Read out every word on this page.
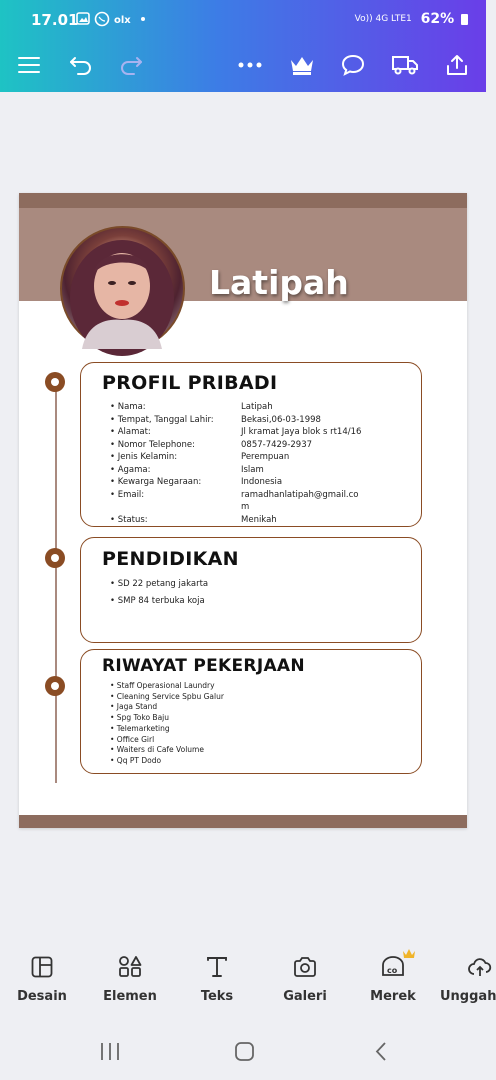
17.01	olx	Vo)) 4G LTE1 62%
Latipah
PROFIL PRIBADI
• Nama:	Latipah
• Tempat, Tanggal Lahir:	Bekasi,06-03-1998
• Alamat:	Jl kramat Jaya blok s rt14/16
• Nomor Telephone:	0857-7429-2937
• Jenis Kelamin:	Perempuan
• Agama:	Islam
• Kewarga Negaraan:	Indonesia
• Email:	ramadhanlatipah@gmail.co
m
• Status:	Menikah
PENDIDIKAN
• SD 22 petang jakarta
• SMP 84 terbuka koja
RIWAYAT PEKERJAAN
• Staff Operasional Laundry
• Cleaning Service Spbu Galur
• Jaga Stand
• Spg Toko Baju
• Telemarketing
• Office Girl
• Waiters di Cafe Volume
• Qq PT Dodo
Desain	Elemen	Teks	Galeri
co
Merek	Unggah
